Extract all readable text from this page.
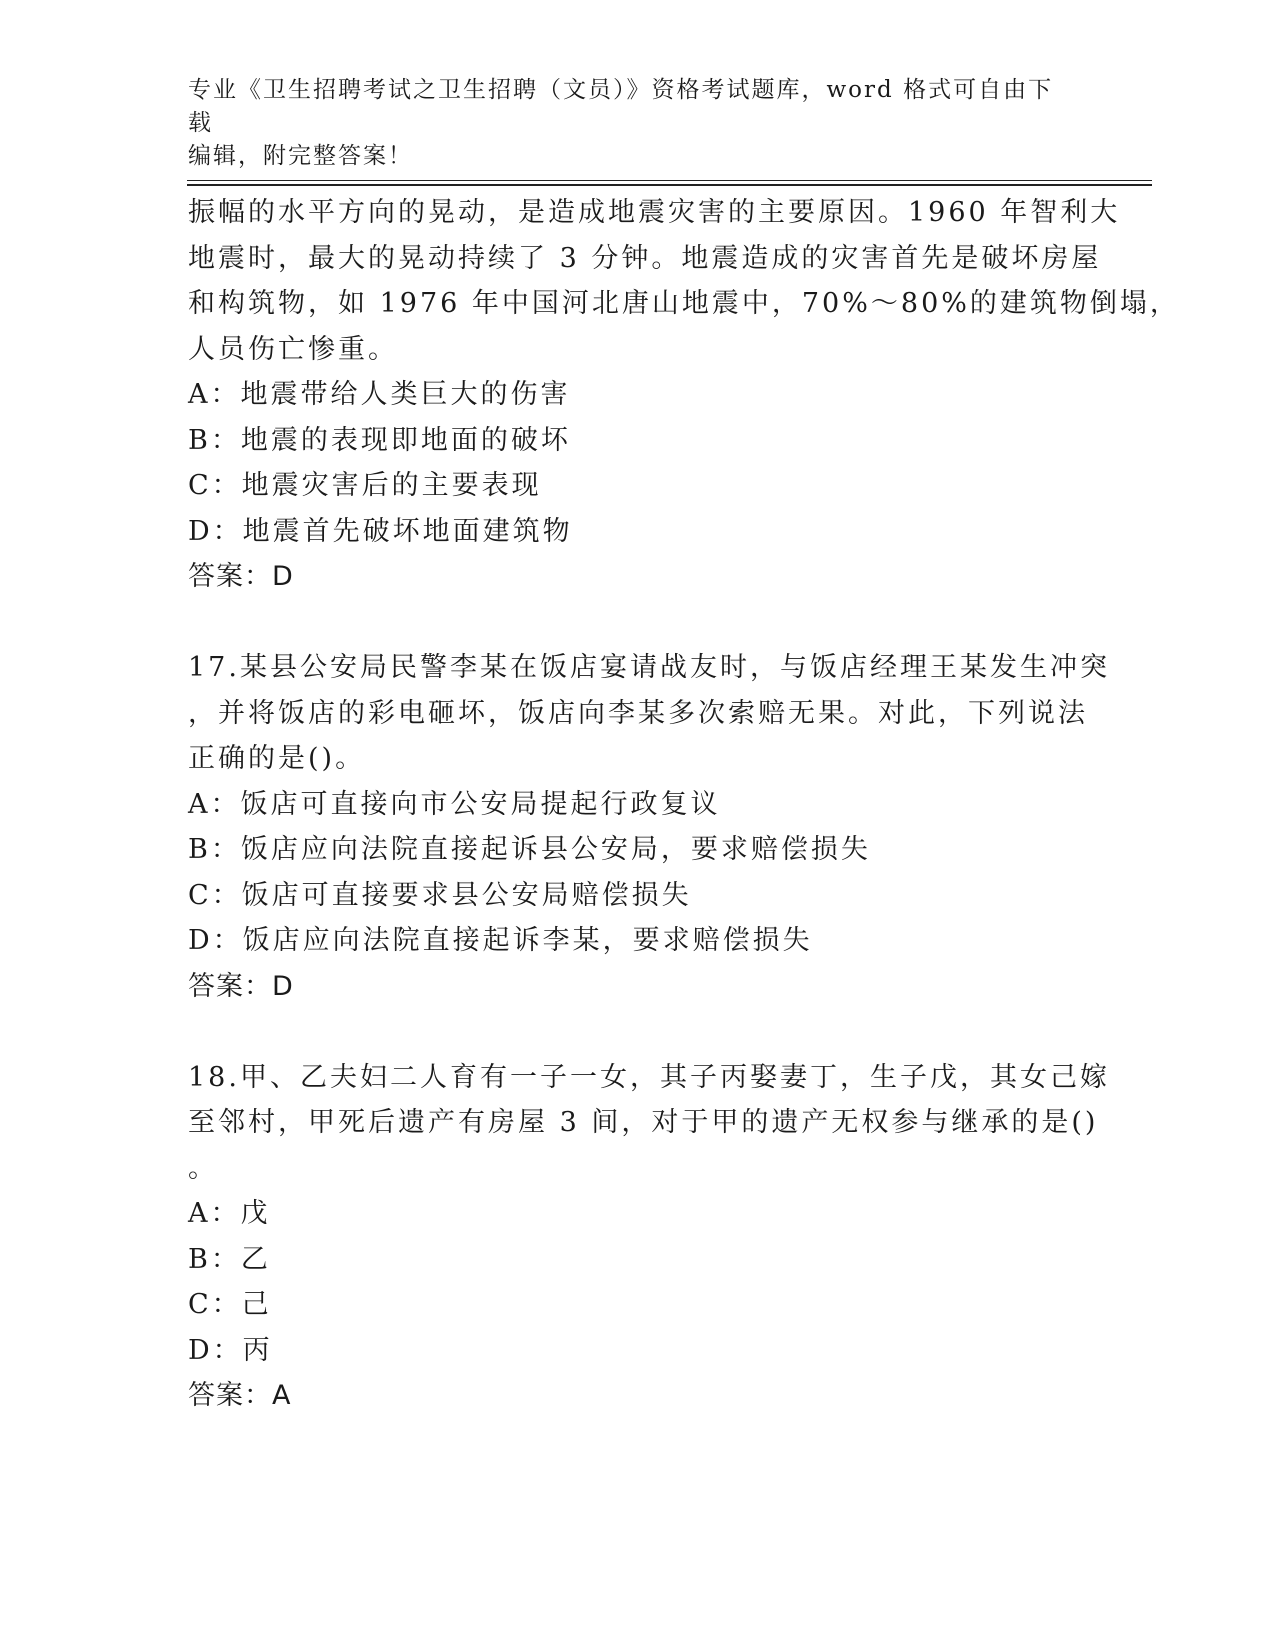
专业《卫生招聘考试之卫生招聘（文员）》资格考试题库，word 格式可自由下载
编辑，附完整答案！
振幅的水平方向的晃动，是造成地震灾害的主要原因。1960 年智利大
地震时，最大的晃动持续了 3 分钟。地震造成的灾害首先是破坏房屋
和构筑物，如 1976 年中国河北唐山地震中，70%～80%的建筑物倒塌，
人员伤亡惨重。
A：地震带给人类巨大的伤害
B：地震的表现即地面的破坏
C：地震灾害后的主要表现
D：地震首先破坏地面建筑物
答案：D
17.某县公安局民警李某在饭店宴请战友时，与饭店经理王某发生冲突
，并将饭店的彩电砸坏，饭店向李某多次索赔无果。对此，下列说法
正确的是()。
A：饭店可直接向市公安局提起行政复议
B：饭店应向法院直接起诉县公安局，要求赔偿损失
C：饭店可直接要求县公安局赔偿损失
D：饭店应向法院直接起诉李某，要求赔偿损失
答案：D
18.甲、乙夫妇二人育有一子一女，其子丙娶妻丁，生子戊，其女己嫁
至邻村，甲死后遗产有房屋 3 间，对于甲的遗产无权参与继承的是()
。
A：戊
B：乙
C：己
D：丙
答案：A
